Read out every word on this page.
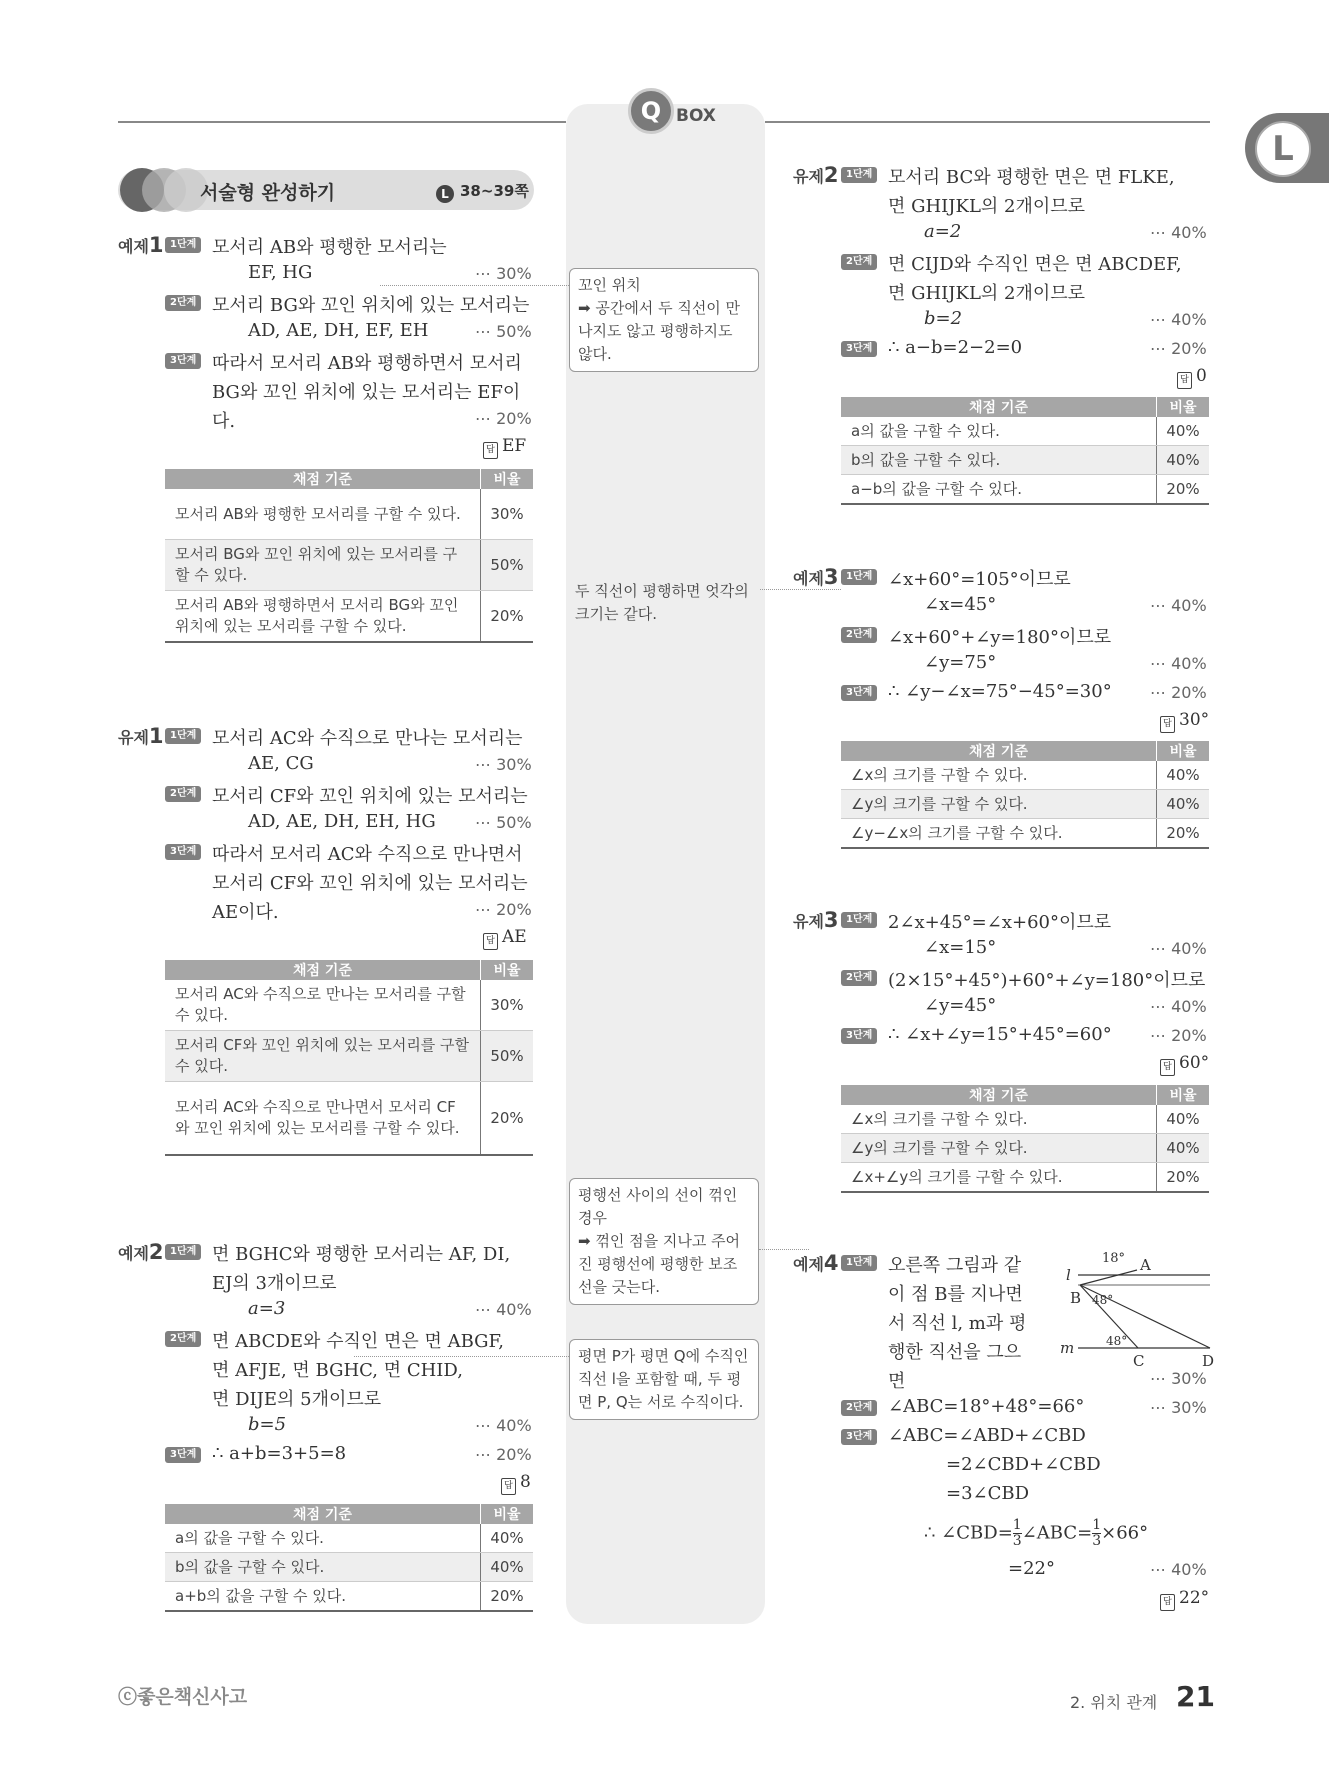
Q BOX
L
서술형 완성하기	L 38~39쪽
예제1 1단계 모서리 AB와 평행한 모서리는
EF, HG	⋯ 30%
2단계 모서리 BG와 꼬인 위치에 있는 모서리는
AD, AE, DH, EF, EH	⋯ 50%
3단계 따라서 모서리 AB와 평행하면서 모서리
BG와 꼬인 위치에 있는 모서리는 EF이
다.	⋯ 20%
답 EF
채점 기준	비율
모서리 AB와 평행한 모서리를 구할 수 있다.	30%
모서리 BG와 꼬인 위치에 있는 모서리를 구할 수 있다.	50%
모서리 AB와 평행하면서 모서리 BG와 꼬인 위치에 있는 모서리를 구할 수 있다.	20%
유제1 1단계 모서리 AC와 수직으로 만나는 모서리는
AE, CG	⋯ 30%
2단계 모서리 CF와 꼬인 위치에 있는 모서리는
AD, AE, DH, EH, HG ⋯ 50%
3단계 따라서 모서리 AC와 수직으로 만나면서
모서리 CF와 꼬인 위치에 있는 모서리는
AE이다.	⋯ 20%
답 AE
채점 기준	비율
모서리 AC와 수직으로 만나는 모서리를 구할 수 있다.	30%
모서리 CF와 꼬인 위치에 있는 모서리를 구할 수 있다.	50%
모서리 AC와 수직으로 만나면서 모서리 CF와 꼬인 위치에 있는 모서리를 구할 수 있다.	20%
예제2 1단계 면 BGHC와 평행한 모서리는 AF, DI,
EJ의 3개이므로
a=3	⋯ 40%
2단계 면 ABCDE와 수직인 면은 면 ABGF,
면 AFJE, 면 BGHC, 면 CHID,
면 DIJE의 5개이므로
b=5	⋯ 40%
3단계 ∴ a+b=3+5=8	⋯ 20%
답 8
채점 기준	비율
a의 값을 구할 수 있다.	40%
b의 값을 구할 수 있다.	40%
a+b의 값을 구할 수 있다.	20%
유제2 1단계 모서리 BC와 평행한 면은 면 FLKE,
면 GHIJKL의 2개이므로
a=2	⋯ 40%
2단계 면 CIJD와 수직인 면은 면 ABCDEF,
면 GHIJKL의 2개이므로
b=2	⋯ 40%
3단계 ∴ a−b=2−2=0	⋯ 20%
답 0
채점 기준	비율
a의 값을 구할 수 있다.	40%
b의 값을 구할 수 있다.	40%
a−b의 값을 구할 수 있다.	20%
예제3 1단계 ∠x+60°=105°이므로
∠x=45°	⋯ 40%
2단계 ∠x+60°+∠y=180°이므로
∠y=75°	⋯ 40%
3단계 ∴ ∠y−∠x=75°−45°=30° ⋯ 20%
답 30°
채점 기준	비율
∠x의 크기를 구할 수 있다.	40%
∠y의 크기를 구할 수 있다.	40%
∠y−∠x의 크기를 구할 수 있다.	20%
유제3 1단계 2∠x+45°=∠x+60°이므로
∠x=15°	⋯ 40%
2단계 (2×15°+45°)+60°+∠y=180°이므로
∠y=45°	⋯ 40%
3단계 ∴ ∠x+∠y=15°+45°=60° ⋯ 20%
답 60°
채점 기준	비율
∠x의 크기를 구할 수 있다.	40%
∠y의 크기를 구할 수 있다.	40%
∠x+∠y의 크기를 구할 수 있다.	20%
예제4 1단계 오른쪽 그림과 같
이 점 B를 지나면
서 직선 l, m과 평
행한 직선을 그으
면	⋯ 30%
2단계 ∠ABC=18°+48°=66°	⋯ 30%
3단계 ∠ABC=∠ABD+∠CBD
=2∠CBD+∠CBD
=3∠CBD
∴ ∠CBD= $\frac{1}{3}$ ∠ABC= $\frac{1}{3} \times 66^\circ$
=22°	⋯ 40%
답 22°
18° A
l
B 48°
m	48°
C	D
꼬인 위치
➡ 공간에서 두 직선이 만나지도 않고 평행하지도 않다.
두 직선이 평행하면 엇각의 크기는 같다.
평행선 사이의 선이 꺾인 경우
➡ 꺾인 점을 지나고 주어진 평행선에 평행한 보조선을 긋는다.
평면 P가 평면 Q에 수직인 직선 l을 포함할 때, 두 평면 P, Q는 서로 수직이다.
ⓒ좋은책신사고	2. 위치 관계 21
